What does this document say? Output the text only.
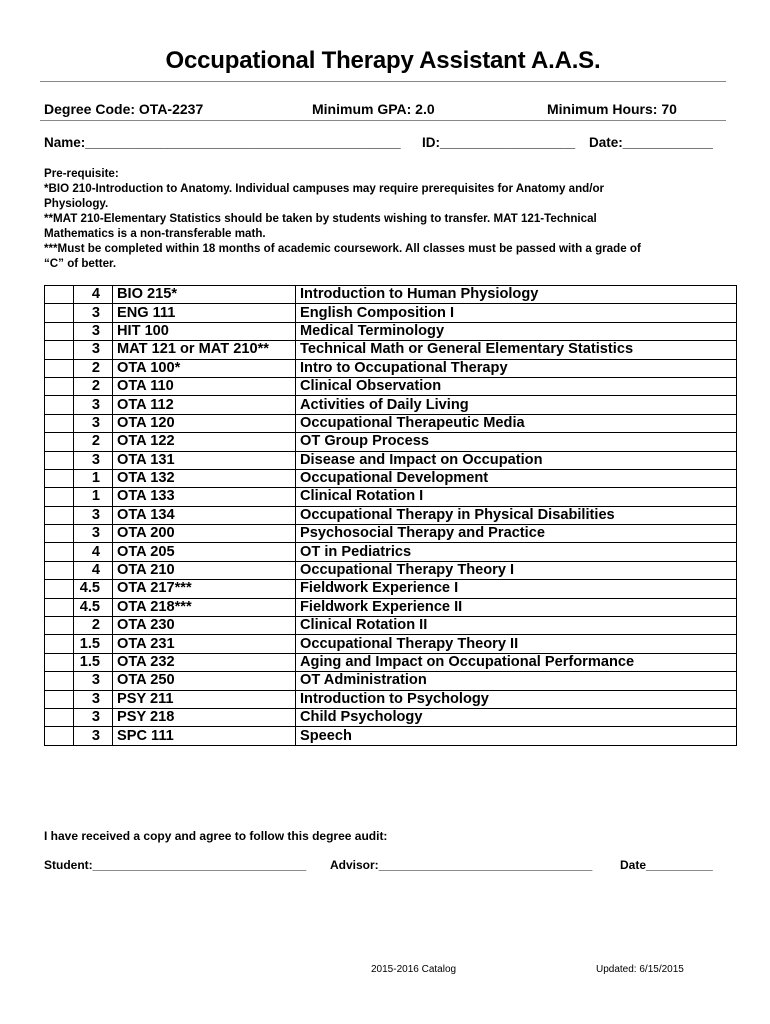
Occupational Therapy Assistant A.A.S.
Degree Code: OTA-2237	Minimum GPA: 2.0	Minimum Hours: 70
Name:__________________________________________ ID:__________________ Date:____________
Pre-requisite:
*BIO 210-Introduction to Anatomy. Individual campuses may require prerequisites for Anatomy and/or
Physiology.
**MAT 210-Elementary Statistics should be taken by students wishing to transfer. MAT 121-Technical
Mathematics is a non-transferable math.
***Must be completed within 18 months of academic coursework. All classes must be passed with a grade of
“C” of better.
	4	BIO 215*	Introduction to Human Physiology
	3	ENG 111	English Composition I
	3	HIT 100	Medical Terminology
	3	MAT 121 or MAT 210**	Technical Math or General Elementary Statistics
	2	OTA 100*	Intro to Occupational Therapy
	2	OTA 110	Clinical Observation
	3	OTA 112	Activities of Daily Living
	3	OTA 120	Occupational Therapeutic Media
	2	OTA 122	OT Group Process
	3	OTA 131	Disease and Impact on Occupation
	1	OTA 132	Occupational Development
	1	OTA 133	Clinical Rotation I
	3	OTA 134	Occupational Therapy in Physical Disabilities
	3	OTA 200	Psychosocial Therapy and Practice
	4	OTA 205	OT in Pediatrics
	4	OTA 210	Occupational Therapy Theory I
	4.5	OTA 217***	Fieldwork Experience I
	4.5	OTA 218***	Fieldwork Experience II
	2	OTA 230	Clinical Rotation II
	1.5	OTA 231	Occupational Therapy Theory II
	1.5	OTA 232	Aging and Impact on Occupational Performance
	3	OTA 250	OT Administration
	3	PSY 211	Introduction to Psychology
	3	PSY 218	Child Psychology
	3	SPC 111	Speech
I have received a copy and agree to follow this degree audit:
Student:________________________________ Advisor:________________________________ Date__________
2015-2016 Catalog	Updated: 6/15/2015
